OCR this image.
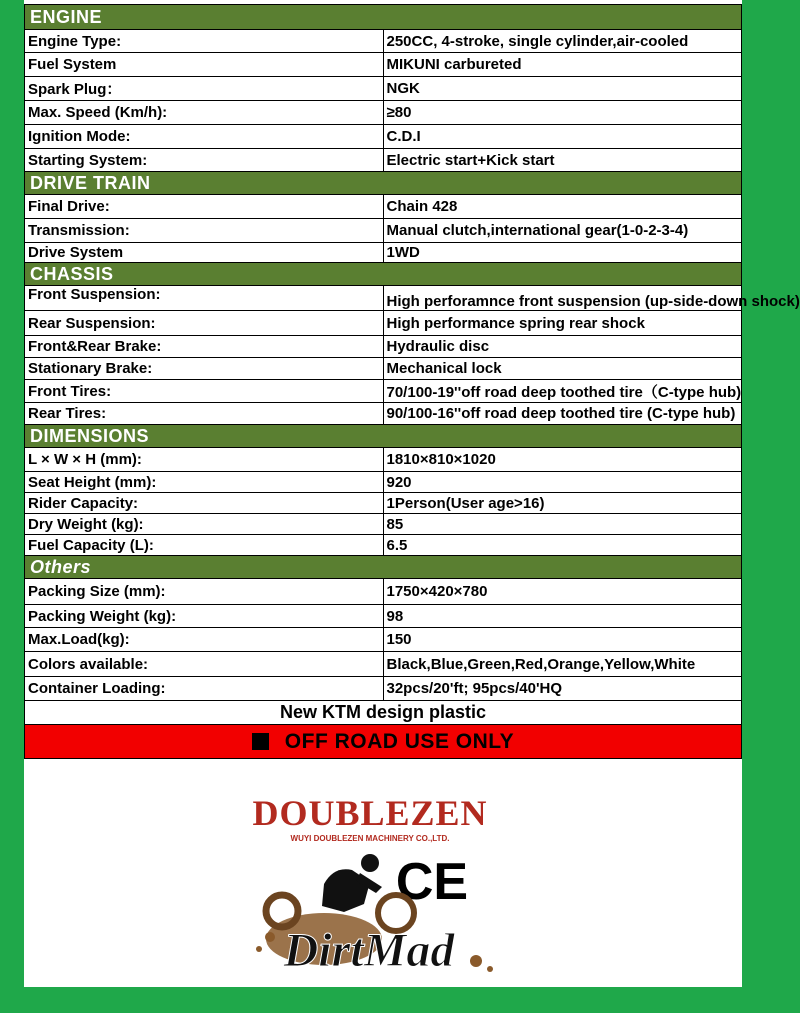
ENGINE	
Engine Type:	250CC, 4-stroke, single cylinder,air-cooled
Fuel System	MIKUNI carbureted
Spark Plug：	NGK
Max. Speed (Km/h):	≥80
Ignition Mode:	C.D.I
Starting System:	Electric start+Kick start
DRIVE TRAIN	
Final Drive:	Chain 428
Transmission:	Manual clutch,international gear(1-0-2-3-4)
Drive System	1WD
CHASSIS	
Front Suspension:	High perforamnce front suspension (up-side-down shock)
Rear Suspension:	High performance spring rear shock
Front&Rear Brake:	Hydraulic disc
Stationary Brake:	Mechanical lock
Front Tires:	70/100-19''off road deep toothed tire（C-type hub)
Rear Tires:	90/100-16''off road deep toothed tire (C-type hub)
DIMENSIONS	
L × W × H (mm):	1810×810×1020
Seat Height (mm):	920
Rider Capacity:	1Person(User age>16)
Dry Weight (kg):	85
Fuel Capacity (L):	6.5
Others	
Packing Size (mm):	1750×420×780
Packing Weight (kg):	98
Max.Load(kg):	150
Colors available:	Black,Blue,Green,Red,Orange,Yellow,White
Container Loading:	32pcs/20'ft; 95pcs/40'HQ
New KTM design plastic	
OFF ROAD USE ONLY	
DOUBLEZEN
WUYI DOUBLEZEN MACHINERY CO.,LTD.
CE
DirtMad
